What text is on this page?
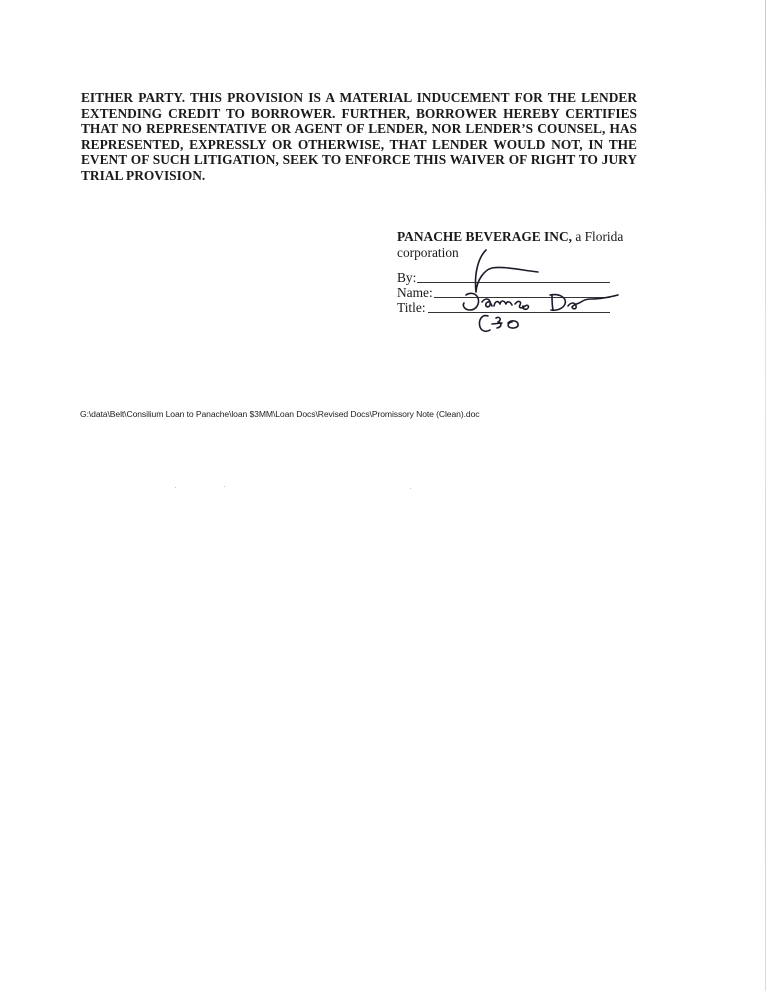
EITHER PARTY. THIS PROVISION IS A MATERIAL INDUCEMENT FOR THE LENDER EXTENDING CREDIT TO BORROWER. FURTHER, BORROWER HEREBY CERTIFIES THAT NO REPRESENTATIVE OR AGENT OF LENDER, NOR LENDER’S COUNSEL, HAS REPRESENTED, EXPRESSLY OR OTHERWISE, THAT LENDER WOULD NOT, IN THE EVENT OF SUCH LITIGATION, SEEK TO ENFORCE THIS WAIVER OF RIGHT TO JURY TRIAL PROVISION.

PANACHE BEVERAGE INC, a Florida
corporation
By:
Name:
Title:
G:\data\Belt\Consilium Loan to Panache\loan $3MM\Loan Docs\Revised Docs\Promissory Note (Clean).doc
